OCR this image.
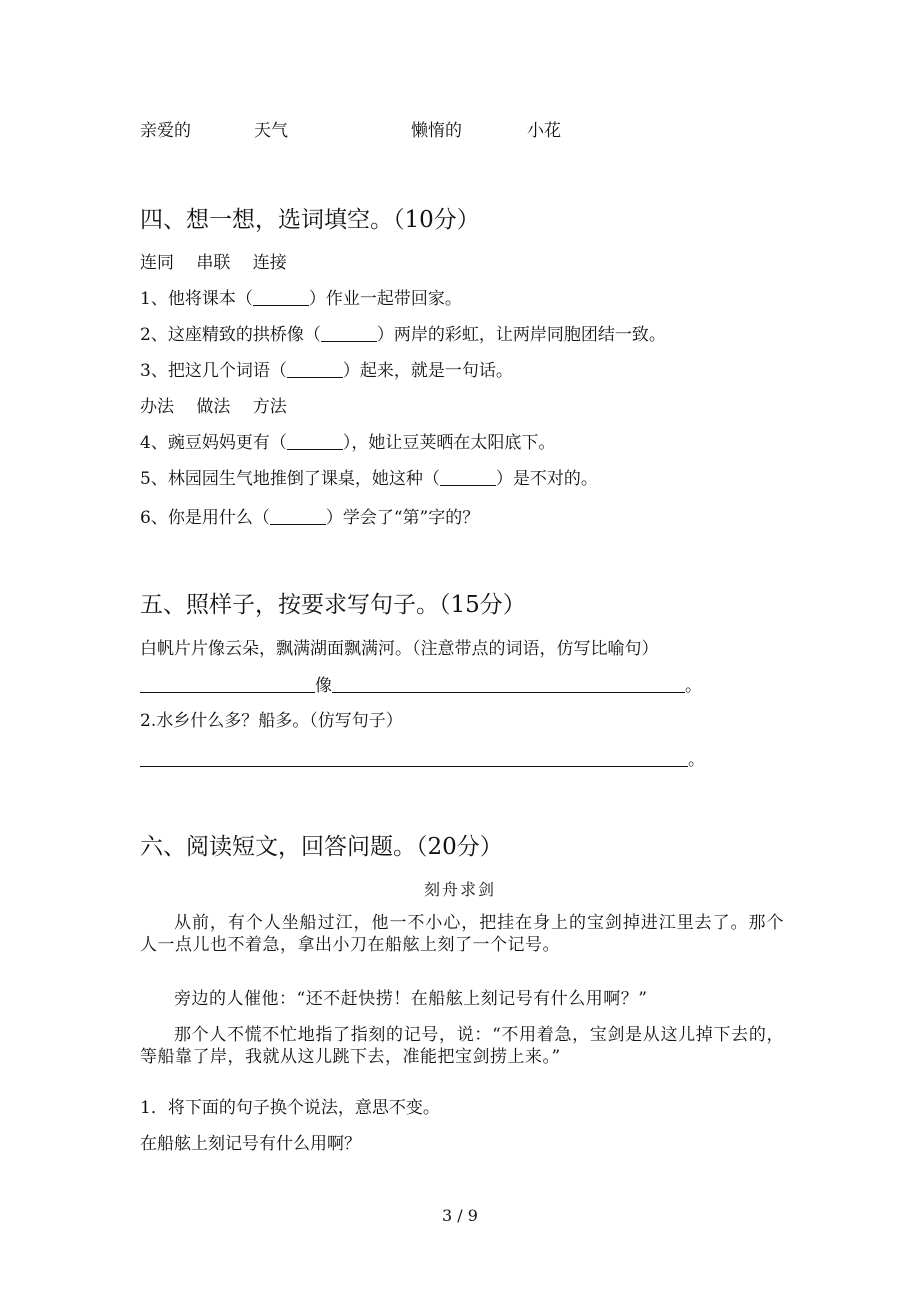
亲爱的	天气	懒惰的	小花
四、想一想，选词填空。（10分）
连同　 串联　 连接
1、他将课本（	）作业一起带回家。
2、这座精致的拱桥像（	）两岸的彩虹，让两岸同胞团结一致。
3、把这几个词语（	）起来，就是一句话。
办法　 做法　 方法
4、豌豆妈妈更有（	），她让豆荚晒在太阳底下。
5、林园园生气地推倒了课桌，她这种（	）是不对的。
6、你是用什么（	）学会了“第”字的？
五、照样子，按要求写句子。（15分）
白帆片片像云朵，飘满湖面飘满河。（注意带点的词语，仿写比喻句）
像	。
2.水乡什么多？船多。（仿写句子）
。
六、阅读短文，回答问题。（20分）
刻舟求剑
从前，有个人坐船过江，他一不小心，把挂在身上的宝剑掉进江里去了。那个人一点儿也不着急，拿出小刀在船舷上刻了一个记号。
旁边的人催他：“还不赶快捞！在船舷上刻记号有什么用啊？”
那个人不慌不忙地指了指刻的记号，说：“不用着急，宝剑是从这儿掉下去的，等船靠了岸，我就从这儿跳下去，准能把宝剑捞上来。”
1．将下面的句子换个说法，意思不变。
在船舷上刻记号有什么用啊？
3 / 9
